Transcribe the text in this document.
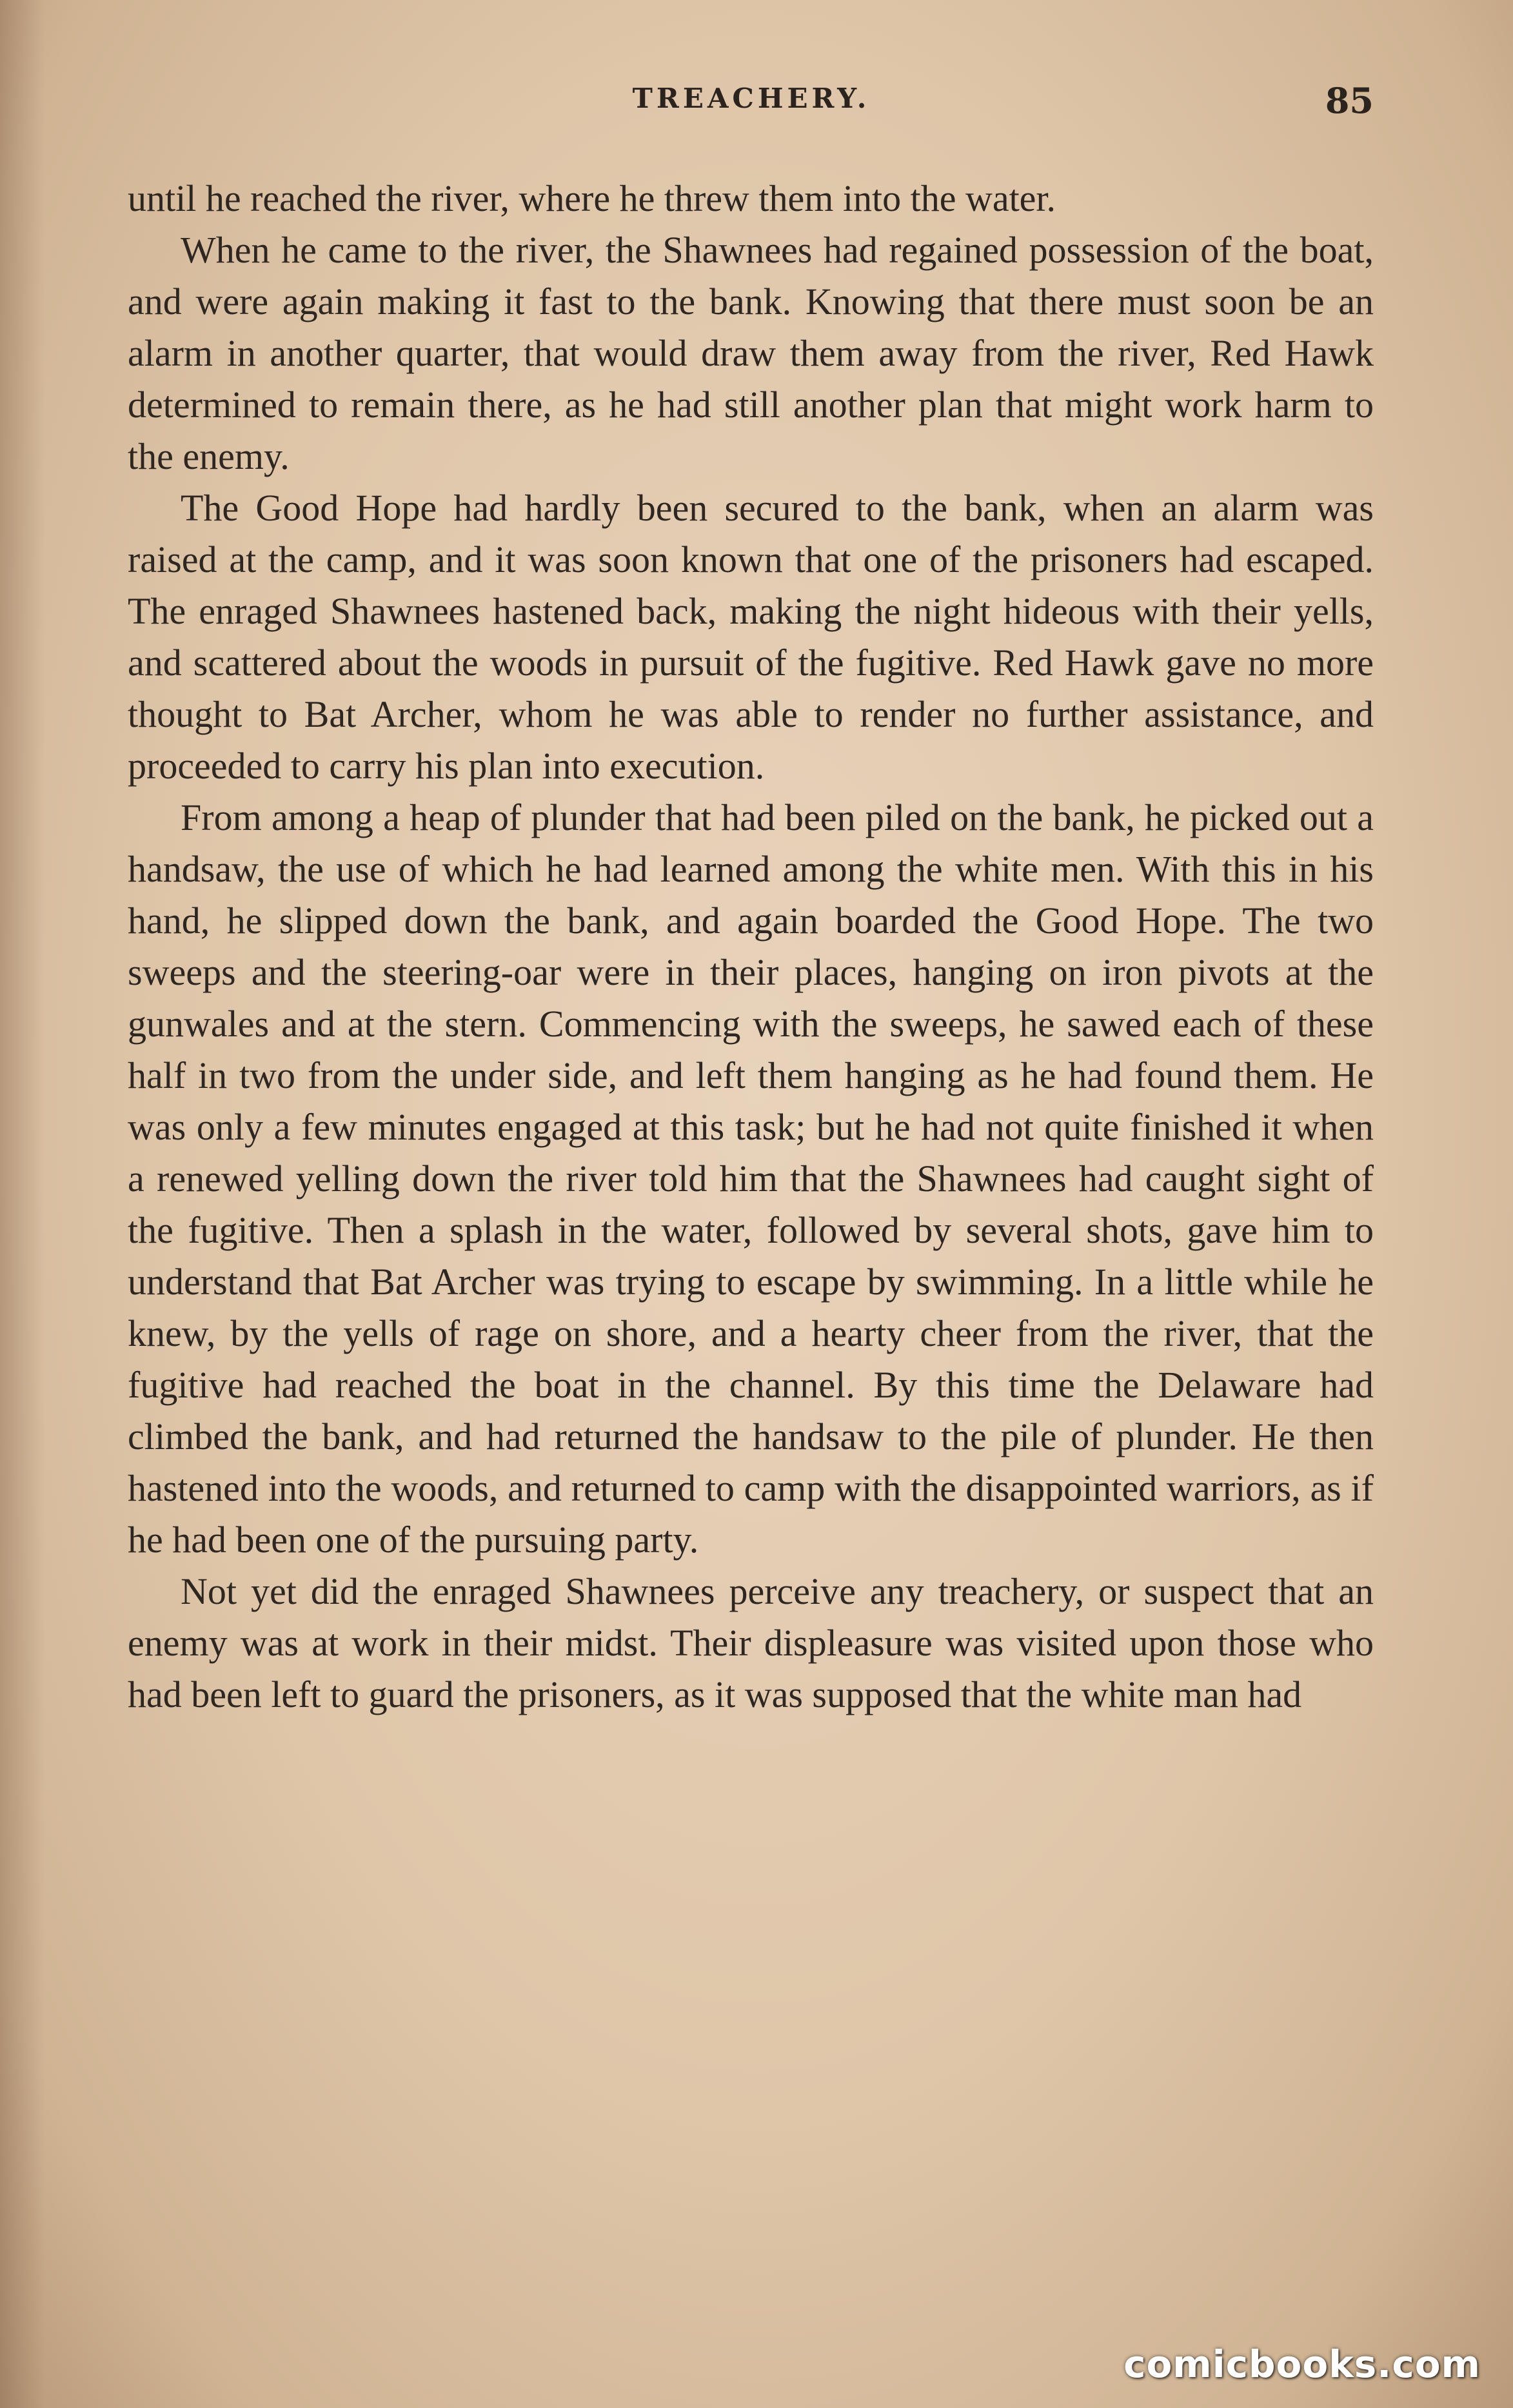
TREACHERY.	85

until he reached the river, where he threw them into the water.

When he came to the river, the Shawnees had regained possession of the boat, and were again making it fast to the bank. Knowing that there must soon be an alarm in another quarter, that would draw them away from the river, Red Hawk determined to remain there, as he had still another plan that might work harm to the enemy.

The Good Hope had hardly been secured to the bank, when an alarm was raised at the camp, and it was soon known that one of the prisoners had escaped. The enraged Shawnees hastened back, making the night hideous with their yells, and scattered about the woods in pursuit of the fugitive. Red Hawk gave no more thought to Bat Archer, whom he was able to render no further assistance, and proceeded to carry his plan into execution.

From among a heap of plunder that had been piled on the bank, he picked out a handsaw, the use of which he had learned among the white men. With this in his hand, he slipped down the bank, and again boarded the Good Hope. The two sweeps and the steering-oar were in their places, hanging on iron pivots at the gunwales and at the stern. Commencing with the sweeps, he sawed each of these half in two from the under side, and left them hanging as he had found them. He was only a few minutes engaged at this task; but he had not quite finished it when a renewed yelling down the river told him that the Shawnees had caught sight of the fugitive. Then a splash in the water, followed by several shots, gave him to understand that Bat Archer was trying to escape by swimming. In a little while he knew, by the yells of rage on shore, and a hearty cheer from the river, that the fugitive had reached the boat in the channel. By this time the Delaware had climbed the bank, and had returned the handsaw to the pile of plunder. He then hastened into the woods, and returned to camp with the disappointed warriors, as if he had been one of the pursuing party.

Not yet did the enraged Shawnees perceive any treachery, or suspect that an enemy was at work in their midst. Their displeasure was visited upon those who had been left to guard the prisoners, as it was supposed that the white man had

comicbooks.com
